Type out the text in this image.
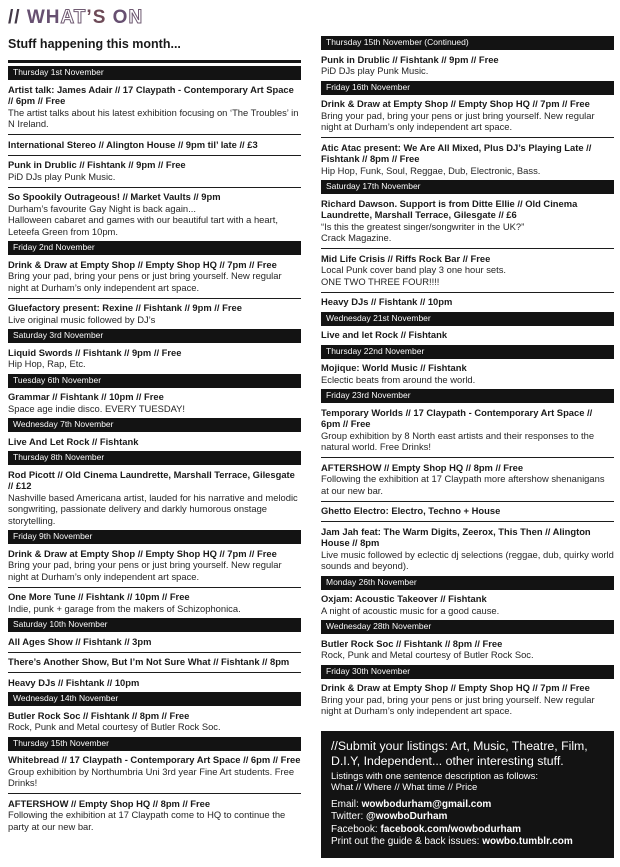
// WHAT’S ON
Stuff happening this month...
Thursday 1st November
Artist talk: James Adair // 17 Claypath - Contemporary Art Space // 6pm // Free
The artist talks about his latest exhibition focusing on ‘The Troubles’ in N Ireland.
International Stereo // Alington House // 9pm til’ late // £3
Punk in Drublic // Fishtank // 9pm // Free
PiD DJs play Punk Music.
So Spookily Outrageous! // Market Vaults // 9pm
Durham’s favourite Gay Night is back again...
Halloween cabaret and games with our beautiful tart with a heart, Leteefa Green from 10pm.
Friday 2nd November
Drink & Draw at Empty Shop // Empty Shop HQ // 7pm // Free
Bring your pad, bring your pens or just bring yourself. New regular night at Durham’s only independent art space.
Gluefactory present: Rexine // Fishtank // 9pm // Free
Live original music followed by DJ’s
Saturday 3rd November
Liquid Swords // Fishtank // 9pm // Free
Hip Hop, Rap, Etc.
Tuesday 6th November
Grammar // Fishtank // 10pm // Free
Space age indie disco. EVERY TUESDAY!
Wednesday 7th November
Live And Let Rock // Fishtank
Thursday 8th November
Rod Picott // Old Cinema Laundrette, Marshall Terrace, Gilesgate // £12
Nashville based Americana artist, lauded for his narrative and melodic songwriting, passionate delivery and darkly humorous onstage storytelling.
Friday 9th November
Drink & Draw at Empty Shop // Empty Shop HQ // 7pm // Free
Bring your pad, bring your pens or just bring yourself. New regular night at Durham’s only independent art space.
One More Tune // Fishtank // 10pm // Free
Indie, punk + garage from the makers of Schizophonica.
Saturday 10th November
All Ages Show // Fishtank // 3pm
There’s Another Show, But I’m Not Sure What // Fishtank // 8pm
Heavy DJs // Fishtank // 10pm
Wednesday 14th November
Butler Rock Soc // Fishtank // 8pm // Free
Rock, Punk and Metal courtesy of Butler Rock Soc.
Thursday 15th November
Whitebread // 17 Claypath - Contemporary Art Space // 6pm // Free
Group exhibition by Northumbria Uni 3rd year Fine Art students. Free Drinks!
AFTERSHOW // Empty Shop HQ // 8pm // Free
Following the exhibition at 17 Claypath come to HQ to continue the party at our new bar.
Thursday 15th November (Continued)
Punk in Drublic // Fishtank // 9pm // Free
PiD DJs play Punk Music.
Friday 16th November
Drink & Draw at Empty Shop // Empty Shop HQ // 7pm // Free
Bring your pad, bring your pens or just bring yourself. New regular night at Durham’s only independent art space.
Atic Atac present: We Are All Mixed, Plus DJ’s Playing Late // Fishtank // 8pm // Free
Hip Hop, Funk, Soul, Reggae, Dub, Electronic, Bass.
Saturday 17th November
Richard Dawson. Support is from Ditte Ellie // Old Cinema Laundrette, Marshall Terrace, Gilesgate // £6
“Is this the greatest singer/songwriter in the UK?”
Crack Magazine.
Mid Life Crisis // Riffs Rock Bar // Free
Local Punk cover band play 3 one hour sets.
ONE TWO THREE FOUR!!!!
Heavy DJs // Fishtank // 10pm
Wednesday 21st November
Live and let Rock // Fishtank
Thursday 22nd November
Mojique: World Music // Fishtank
Eclectic beats from around the world.
Friday 23rd November
Temporary Worlds // 17 Claypath - Contemporary Art Space // 6pm // Free
Group exhibition by 8 North east artists and their responses to the natural world. Free Drinks!
AFTERSHOW // Empty Shop HQ // 8pm // Free
Following the exhibition at 17 Claypath more aftershow shenanigans at our new bar.
Ghetto Electro: Electro, Techno + House
Jam Jah feat: The Warm Digits, Zeerox, This Then // Alington House // 8pm
Live music followed by eclectic dj selections (reggae, dub, quirky world sounds and beyond).
Monday 26th November
Oxjam: Acoustic Takeover // Fishtank
A night of acoustic music for a good cause.
Wednesday 28th November
Butler Rock Soc // Fishtank // 8pm // Free
Rock, Punk and Metal courtesy of Butler Rock Soc.
Friday 30th November
Drink & Draw at Empty Shop // Empty Shop HQ // 7pm // Free
Bring your pad, bring your pens or just bring yourself. New regular night at Durham’s only independent art space.
//Submit your listings: Art, Music, Theatre, Film, D.I.Y, Independent... other interesting stuff.
Listings with one sentence description as follows:
What // Where // What time // Price
Email: wowbodurham@gmail.com
Twitter: @wowboDurham
Facebook: facebook.com/wowbodurham
Print out the guide & back issues: wowbo.tumblr.com
